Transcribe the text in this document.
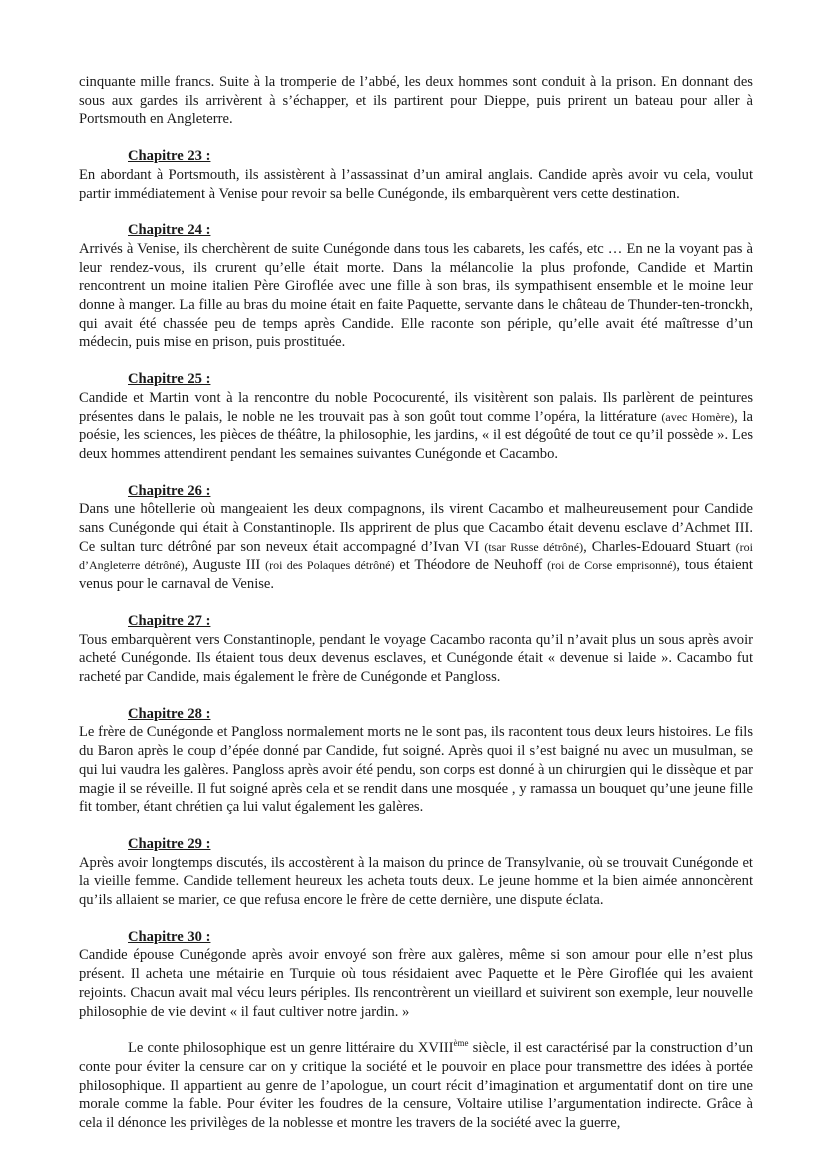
cinquante mille francs. Suite à la tromperie de l’abbé, les deux hommes sont conduit à la prison. En donnant des sous aux gardes ils arrivèrent à s’échapper, et ils partirent pour Dieppe, puis prirent un bateau pour aller à Portsmouth en Angleterre.

Chapitre 23 :

En abordant à Portsmouth, ils assistèrent à l’assassinat d’un amiral anglais. Candide après avoir vu cela, voulut partir immédiatement à Venise pour revoir sa belle Cunégonde, ils embarquèrent vers cette destination.

Chapitre 24 :

Arrivés à Venise, ils cherchèrent de suite Cunégonde dans tous les cabarets, les cafés, etc … En ne la voyant pas à leur rendez-vous, ils crurent qu’elle était morte. Dans la mélancolie la plus profonde, Candide et Martin rencontrent un moine italien Père Giroflée avec une fille à son bras, ils sympathisent ensemble et le moine leur donne à manger. La fille au bras du moine était en faite Paquette, servante dans le château de Thunder-ten-tronckh, qui avait été chassée peu de temps après Candide. Elle raconte son périple, qu’elle avait été maîtresse d’un médecin, puis mise en prison, puis prostituée.

Chapitre 25 :

Candide et Martin vont à la rencontre du noble Pococurenté, ils visitèrent son palais. Ils parlèrent de peintures présentes dans le palais, le noble ne les trouvait pas à son goût tout comme l’opéra, la littérature (avec Homère), la poésie, les sciences, les pièces de théâtre, la philosophie, les jardins, « il est dégoûté de tout ce qu’il possède ». Les deux hommes attendirent pendant les semaines suivantes Cunégonde et Cacambo.

Chapitre 26 :

Dans une hôtellerie où mangeaient les deux compagnons, ils virent Cacambo et malheureusement pour Candide sans Cunégonde qui était à Constantinople. Ils apprirent de plus que Cacambo était devenu esclave d’Achmet III. Ce sultan turc détrôné par son neveux était accompagné d’Ivan VI (tsar Russe détrôné), Charles-Edouard Stuart (roi d’Angleterre détrôné), Auguste III (roi des Polaques détrôné) et Théodore de Neuhoff (roi de Corse emprisonné), tous étaient venus pour le carnaval de Venise.

Chapitre 27 :

Tous embarquèrent vers Constantinople, pendant le voyage Cacambo raconta qu’il n’avait plus un sous après avoir acheté Cunégonde. Ils étaient tous deux devenus esclaves, et Cunégonde était « devenue si laide ». Cacambo fut racheté par Candide, mais également le frère de Cunégonde et Pangloss.

Chapitre 28 :

Le frère de Cunégonde et Pangloss normalement morts ne le sont pas, ils racontent tous deux leurs histoires. Le fils du Baron après le coup d’épée donné par Candide, fut soigné. Après quoi il s’est baigné nu avec un musulman, se qui lui vaudra les galères. Pangloss après avoir été pendu, son corps est donné à un chirurgien qui le dissèque et par magie il se réveille. Il fut soigné après cela et se rendit dans une mosquée , y ramassa un bouquet qu’une jeune fille fit tomber, étant chrétien ça lui valut également les galères.

Chapitre 29 :

Après avoir longtemps discutés, ils accostèrent à la maison du prince de Transylvanie, où se trouvait Cunégonde et la vieille femme. Candide tellement heureux les acheta touts deux. Le jeune homme et la bien aimée annoncèrent qu’ils allaient se marier, ce que refusa encore le frère de cette dernière, une dispute éclata.

Chapitre 30 :

Candide épouse Cunégonde après avoir envoyé son frère aux galères, même si son amour pour elle n’est plus présent. Il acheta une métairie en Turquie où tous résidaient avec Paquette et le Père Giroflée qui les avaient rejoints. Chacun avait mal vécu leurs périples. Ils rencontrèrent un vieillard et suivirent son exemple, leur nouvelle philosophie de vie devint « il faut cultiver notre jardin. »

Le conte philosophique est un genre littéraire du XVIIIème siècle, il est caractérisé par la construction d’un conte pour éviter la censure car on y critique la société et le pouvoir en place pour transmettre des idées à portée philosophique. Il appartient au genre de l’apologue, un court récit d’imagination et argumentatif dont on tire une morale comme la fable. Pour éviter les foudres de la censure, Voltaire utilise l’argumentation indirecte. Grâce à cela il dénonce les privilèges de la noblesse et montre les travers de la société avec la guerre,
